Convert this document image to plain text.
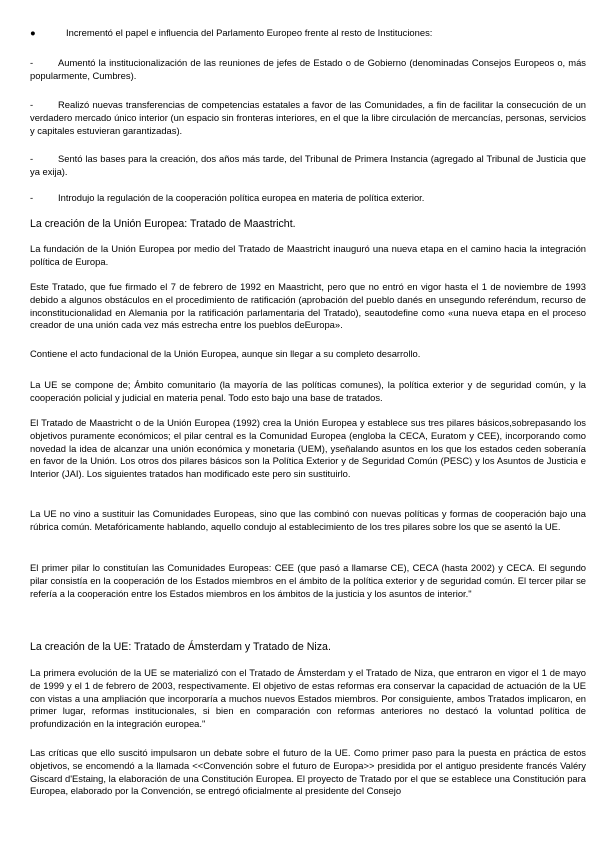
●	Incrementó el papel e influencia del Parlamento Europeo frente al resto de Instituciones:

-	Aumentó la institucionalización de las reuniones de jefes de Estado o de Gobierno (denominadas Consejos Europeos o, más popularmente, Cumbres).

-	Realizó nuevas transferencias de competencias estatales a favor de las Comunidades, a fin de facilitar la consecución de un verdadero mercado único interior (un espacio sin fronteras interiores, en el que la libre circulación de mercancías, personas, servicios y capitales estuvieran garantizadas).

-	Sentó las bases para la creación, dos años más tarde, del Tribunal de Primera Instancia (agregado al Tribunal de Justicia que ya exija).

-	Introdujo la regulación de la cooperación política europea en materia de política exterior.

La creación de la Unión Europea: Tratado de Maastricht.

La fundación de la Unión Europea por medio del Tratado de Maastricht inauguró una nueva etapa en el camino hacia la integración política de Europa.

Este Tratado, que fue firmado el 7 de febrero de 1992 en Maastricht, pero que no entró en vigor hasta el 1 de noviembre de 1993 debido a algunos obstáculos en el procedimiento de ratificación (aprobación del pueblo danés en unsegundo referéndum, recurso de inconstitucionalidad en Alemania por la ratificación parlamentaria del Tratado), seautodefine como «una nueva etapa en el proceso creador de una unión cada vez más estrecha entre los pueblos deEuropa».

Contiene el acto fundacional de la Unión Europea, aunque sin llegar a su completo desarrollo.

La UE se compone de; Ámbito comunitario (la mayoría de las políticas comunes), la política exterior y de seguridad común, y la cooperación policial y judicial en materia penal. Todo esto bajo una base de tratados.

El Tratado de Maastricht o de la Unión Europea (1992) crea la Unión Europea y establece sus tres pilares básicos,sobrepasando los objetivos puramente económicos; el pilar central es la Comunidad Europea (engloba la CECA, Euratom y CEE), incorporando como novedad la idea de alcanzar una unión económica y monetaria (UEM), yseñalando asuntos en los que los estados ceden soberanía en favor de la Unión. Los otros dos pilares básicos son la Política Exterior y de Seguridad Común (PESC) y los Asuntos de Justicia e Interior (JAI). Los siguientes tratados han modificado este pero sin sustituirlo.

La UE no vino a sustituir las Comunidades Europeas, sino que las combinó con nuevas políticas y formas de cooperación bajo una rúbrica común. Metafóricamente hablando, aquello condujo al establecimiento de los tres pilares sobre los que se asentó la UE.

El primer pilar lo constituían las Comunidades Europeas: CEE (que pasó a llamarse CE), CECA (hasta 2002) y CECA. El segundo pilar consistía en la cooperación de los Estados miembros en el ámbito de la política exterior y de seguridad común. El tercer pilar se refería a la cooperación entre los Estados miembros en los ámbitos de la justicia y los asuntos de interior."

La creación de la UE: Tratado de Ámsterdam y Tratado de Niza.

La primera evolución de la UE se materializó con el Tratado de Ámsterdam y el Tratado de Niza, que entraron en vigor el 1 de mayo de 1999 y el 1 de febrero de 2003, respectivamente. El objetivo de estas reformas era conservar la capacidad de actuación de la UE con vistas a una ampliación que incorporaría a muchos nuevos Estados miembros. Por consiguiente, ambos Tratados implicaron, en primer lugar, reformas institucionales, si bien en comparación con reformas anteriores no destacó la voluntad política de profundización en la integración europea."

Las críticas que ello suscitó impulsaron un debate sobre el futuro de la UE. Como primer paso para la puesta en práctica de estos objetivos, se encomendó a la llamada <<Convención sobre el futuro de Europa>> presidida por el antiguo presidente francés Valéry Giscard d'Estaing, la elaboración de una Constitución Europea. El proyecto de Tratado por el que se establece una Constitución para Europea, elaborado por la Convención, se entregó oficialmente al presidente del Consejo
